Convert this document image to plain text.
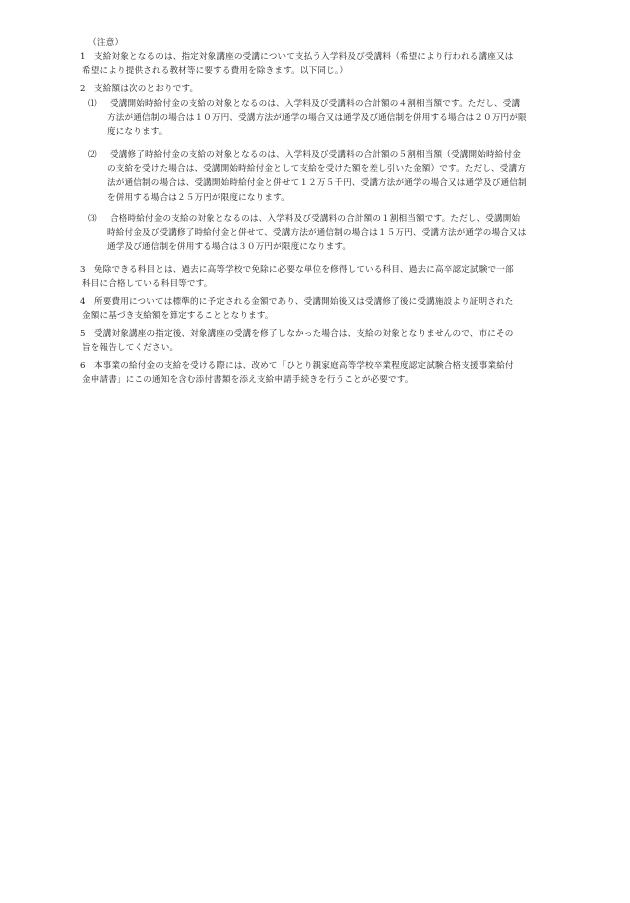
（注意）
1 支給対象となるのは、指定対象講座の受講について支払う入学料及び受講料（希望により行われる講座又は
希望により提供される教材等に要する費用を除きます。以下同じ。）
2 支給額は次のとおりです。
⑴ 受講開始時給付金の支給の対象となるのは、入学料及び受講料の合計額の４割相当額です。ただし、受講
方法が通信制の場合は１０万円、受講方法が通学の場合又は通学及び通信制を併用する場合は２０万円が限
度になります。
⑵ 受講修了時給付金の支給の対象となるのは、入学料及び受講料の合計額の５割相当額（受講開始時給付金
の支給を受けた場合は、受講開始時給付金として支給を受けた額を差し引いた金額）です。ただし、受講方
法が通信制の場合は、受講開始時給付金と併せて１２万５千円、受講方法が通学の場合又は通学及び通信制
を併用する場合は２５万円が限度になります。
⑶ 合格時給付金の支給の対象となるのは、入学料及び受講料の合計額の１割相当額です。ただし、受講開始
時給付金及び受講修了時給付金と併せて、受講方法が通信制の場合は１５万円、受講方法が通学の場合又は
通学及び通信制を併用する場合は３０万円が限度になります。
3 免除できる科目とは、過去に高等学校で免除に必要な単位を修得している科目、過去に高卒認定試験で一部
科目に合格している科目等です。
4 所要費用については標準的に予定される金額であり、受講開始後又は受講修了後に受講施設より証明された
金額に基づき支給額を算定することとなります。
5 受講対象講座の指定後、対象講座の受講を修了しなかった場合は、支給の対象となりませんので、市にその
旨を報告してください。
6 本事業の給付金の支給を受ける際には、改めて「ひとり親家庭高等学校卒業程度認定試験合格支援事業給付
金申請書」にこの通知を含む添付書類を添え支給申請手続きを行うことが必要です。
